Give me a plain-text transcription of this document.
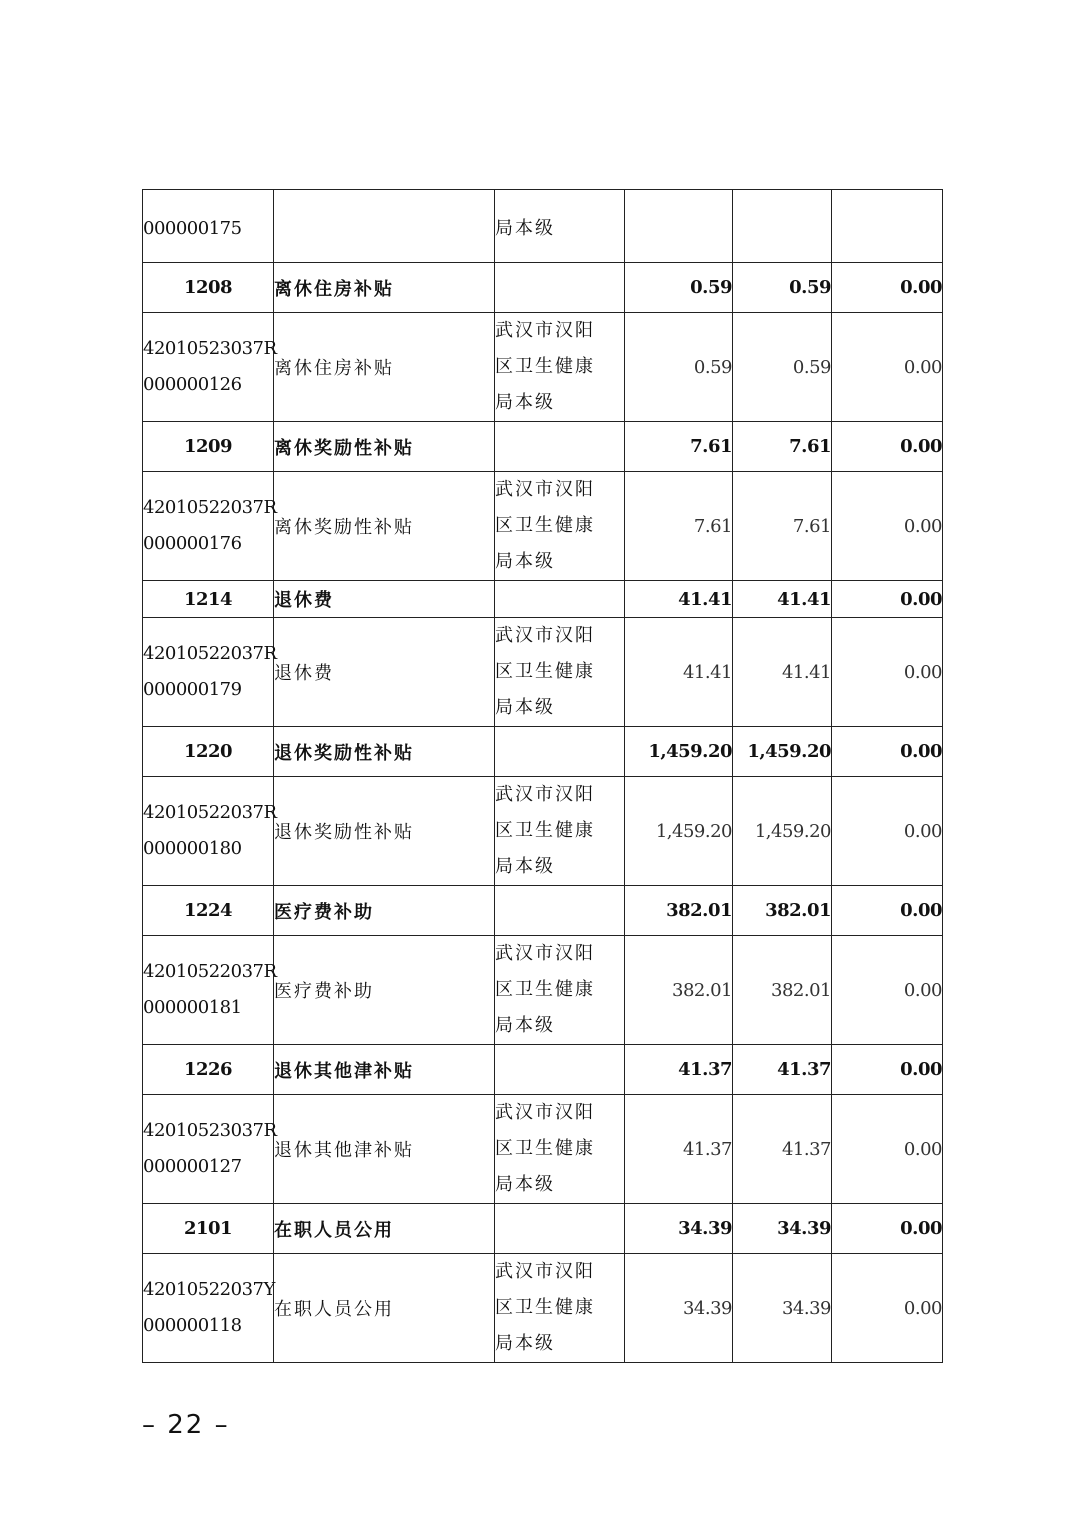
000000175		局本级			

1208	离休住房补贴		0.59	0.59	0.00

42010523037R
000000126	离休住房补贴	武汉市汉阳
区卫生健康
局本级	0.59	0.59	0.00
1209	离休奖励性补贴		7.61	7.61	0.00

42010522037R
000000176	离休奖励性补贴	武汉市汉阳
区卫生健康
局本级	7.61	7.61	0.00
1214	退休费		41.41	41.41	0.00

42010522037R
000000179	退休费	武汉市汉阳
区卫生健康
局本级	41.41	41.41	0.00
1220	退休奖励性补贴		1,459.20	1,459.20	0.00

42010522037R
000000180	退休奖励性补贴	武汉市汉阳
区卫生健康
局本级	1,459.20	1,459.20	0.00
1224	医疗费补助		382.01	382.01	0.00

42010522037R
000000181	医疗费补助	武汉市汉阳
区卫生健康
局本级	382.01	382.01	0.00
1226	退休其他津补贴		41.37	41.37	0.00

42010523037R
000000127	退休其他津补贴	武汉市汉阳
区卫生健康
局本级	41.37	41.37	0.00
2101	在职人员公用		34.39	34.39	0.00

42010522037Y
000000118	在职人员公用	武汉市汉阳
区卫生健康
局本级	34.39	34.39	0.00
– 22 –
